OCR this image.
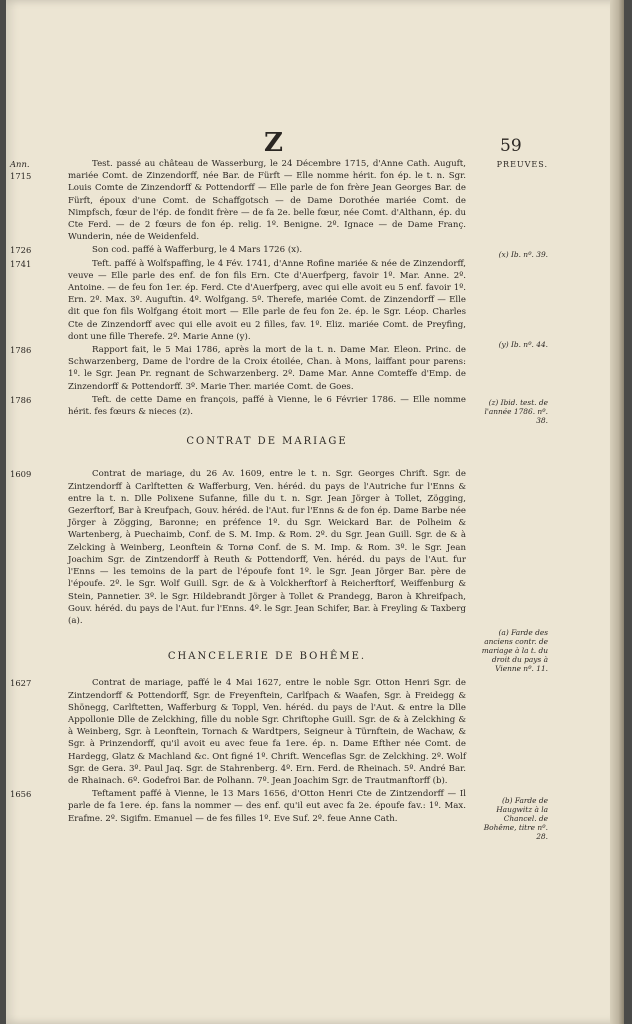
Z	59
PREUVES.
(x) Ib. nº. 39.
(y) Ib. nº. 44.
(z) Ibid. test. de l'année 1786. nº. 38.
(a) Farde des anciens contr. de mariage à la t. du droit du pays à Vienne nº. 11.
(b) Farde de Haugwitz à la Chancel. de Bohême, titre nº. 28.

Ann.
1715
Test. passé au château de Wasserburg, le 24 Décembre 1715, d'Anne Cath. Auguft, mariée Comt. de Zinzendorff, née Bar. de Fürft — Elle nomme hérit. fon ép. le t. n. Sgr. Louis Comte de Zinzendorff & Pottendorff — Elle parle de fon frère Jean Georges Bar. de Fürft, époux d'une Comt. de Schaffgotsch — de Dame Dorothée mariée Comt. de Nimpfsch, fœur de l'ép. de fondit frère — de fa 2e. belle fœur, née Comt. d'Althann, ép. du Cte Ferd. — de 2 fœurs de fon ép. relig. 1º. Benigne. 2º. Ignace — de Dame Franç. Wunderin, née de Weidenfeld.

1726	Son cod. paffé à Wafferburg, le 4 Mars 1726 (x).

1741	Teft. paffé à Wolfspaffing, le 4 Fév. 1741, d'Anne Rofine mariée & née de Zinzendorff, veuve — Elle parle des enf. de fon fils Ern. Cte d'Auerfperg, favoir 1º. Mar. Anne. 2º. Antoine. — de feu fon 1er. ép. Ferd. Cte d'Auerfperg, avec qui elle avoit eu 5 enf. favoir 1º. Ern. 2º. Max. 3º. Auguftin. 4º. Wolfgang. 5º. Therefe, mariée Comt. de Zinzendorff — Elle dit que fon fils Wolfgang étoit mort — Elle parle de feu fon 2e. ép. le Sgr. Léop. Charles Cte de Zinzendorff avec qui elle avoit eu 2 filles, fav. 1º. Eliz. mariée Comt. de Preyfing, dont une fille Therefe. 2º. Marie Anne (y).

1786	Rapport fait, le 5 Mai 1786, après la mort de la t. n. Dame Mar. Eleon. Princ. de Schwarzenberg, Dame de l'ordre de la Croix étoilée, Chan. à Mons, laiffant pour parens: 1º. le Sgr. Jean Pr. regnant de Schwarzenberg. 2º. Dame Mar. Anne Comteffe d'Emp. de Zinzendorff & Pottendorff. 3º. Marie Ther. mariée Comt. de Goes.

1786	Teft. de cette Dame en françois, paffé à Vienne, le 6 Février 1786. — Elle nomme hérit. fes fœurs & nieces (z).

CONTRAT DE MARIAGE

1609	Contrat de mariage, du 26 Av. 1609, entre le t. n. Sgr. Georges Chrift. Sgr. de Zintzendorff à Carlftetten & Wafferburg, Ven. héréd. du pays de l'Autriche fur l'Enns & entre la t. n. Dlle Polixene Sufanne, fille du t. n. Sgr. Jean Jörger à Tollet, Zögging, Gezerftorf, Bar à Kreufpach, Gouv. héréd. de l'Aut. fur l'Enns & de fon ép. Dame Barbe née Jörger à Zögging, Baronne; en préfence 1º. du Sgr. Weickard Bar. de Polheim & Wartenberg, à Puechaimb, Conf. de S. M. Imp. & Rom. 2º. du Sgr. Jean Guill. Sgr. de & à Zelcking à Weinberg, Leonftein & Tornø Conf. de S. M. Imp. & Rom. 3º. le Sgr. Jean Joachim Sgr. de Zintzendorff à Reuth & Pottendorff, Ven. héréd. du pays de l'Aut. fur l'Enns — les temoins de la part de l'époufe font 1º. le Sgr. Jean Jörger Bar. père de l'époufe. 2º. le Sgr. Wolf Guill. Sgr. de & à Volckherftorf à Reicherftorf, Weiffenburg & Stein, Pannetier. 3º. le Sgr. Hildebrandt Jörger à Tollet & Prandegg, Baron à Khreifpach, Gouv. héréd. du pays de l'Aut. fur l'Enns. 4º. le Sgr. Jean Schifer, Bar. à Freyling & Taxberg (a).

CHANCELERIE DE BOHÊME.

1627	Contrat de mariage, paffé le 4 Mai 1627, entre le noble Sgr. Otton Henri Sgr. de Zintzendorff & Pottendorff, Sgr. de Freyenftein, Carlfpach & Waafen, Sgr. à Freidegg & Shönegg, Carlftetten, Wafferburg & Toppl, Ven. héréd. du pays de l'Aut. & entre la Dlle Appollonie Dlle de Zelckhing, fille du noble Sgr. Chriftophe Guill. Sgr. de & à Zelckhing & à Weinberg, Sgr. à Leonftein, Tornach & Wardtpers, Seigneur à Türnftein, de Wachaw, & Sgr. à Prinzendorff, qu'il avoit eu avec feue fa 1ere. ép. n. Dame Efther née Comt. de Hardegg, Glatz & Machland &c. Ont figné 1º. Chrift. Wenceflas Sgr. de Zelckhing. 2º. Wolf Sgr. de Gera. 3º. Paul Jaq. Sgr. de Stahrenberg. 4º. Ern. Ferd. de Rheinach. 5º. André Bar. de Rhainach. 6º. Godefroi Bar. de Polhann. 7º. Jean Joachim Sgr. de Trautmanftorff (b).

1656	Teftament paffé à Vienne, le 13 Mars 1656, d'Otton Henri Cte de Zintzendorff — Il parle de fa 1ere. ép. fans la nommer — des enf. qu'il eut avec fa 2e. époufe fav.: 1º. Max. Erafme. 2º. Sigifm. Emanuel — de fes filles 1º. Eve Suf. 2º. feue Anne Cath.
